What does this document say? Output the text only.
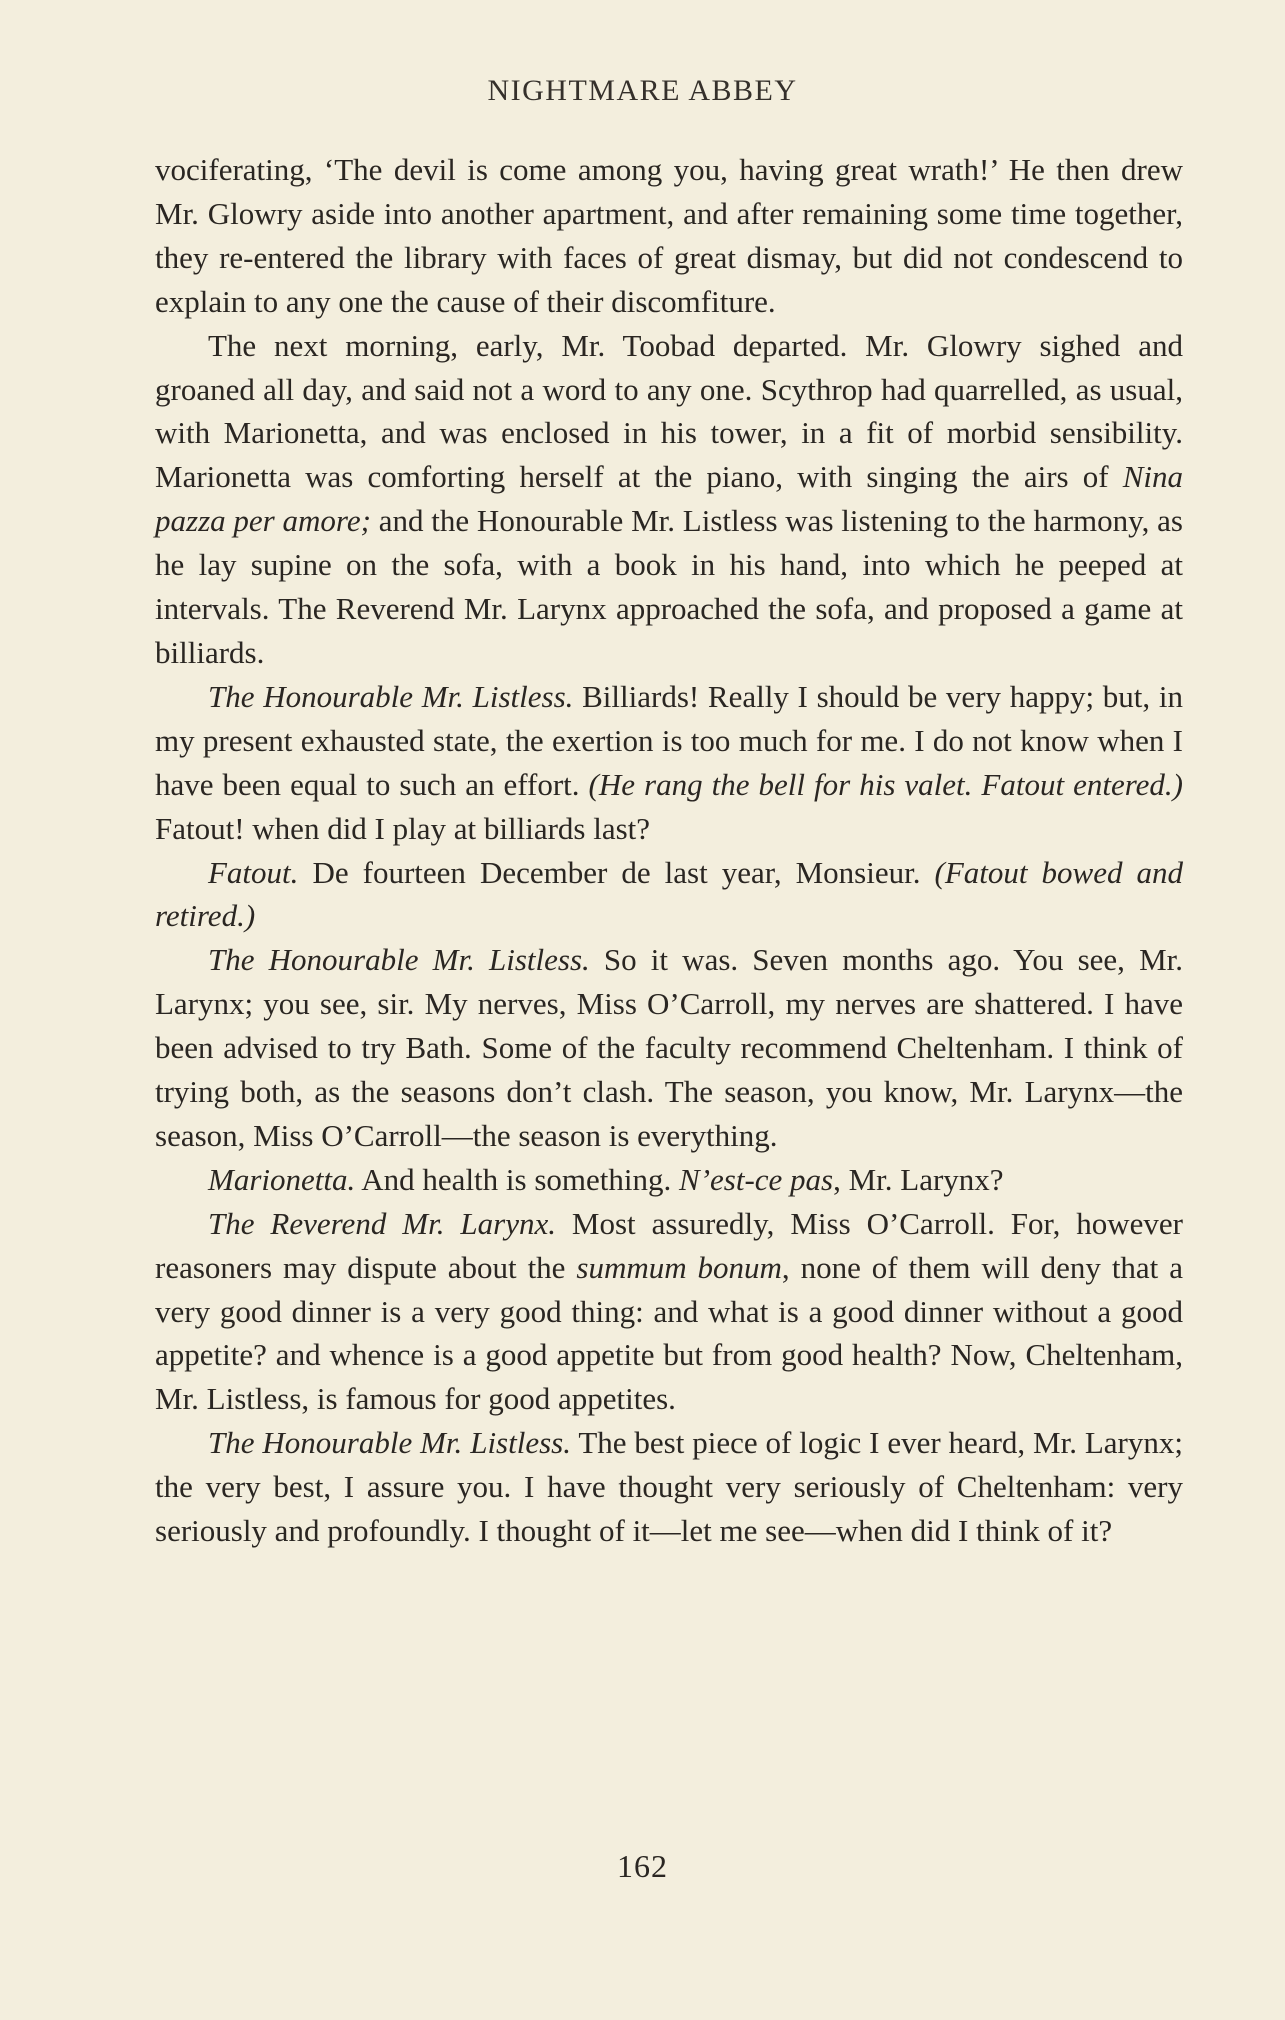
NIGHTMARE ABBEY

vociferating, ‘The devil is come among you, having great wrath!’ He then drew Mr. Glowry aside into another apartment, and after remaining some time together, they re-entered the library with faces of great dismay, but did not condescend to explain to any one the cause of their discomfiture.

The next morning, early, Mr. Toobad departed. Mr. Glowry sighed and groaned all day, and said not a word to any one. Scythrop had quarrelled, as usual, with Marionetta, and was enclosed in his tower, in a fit of morbid sensibility. Marionetta was comforting herself at the piano, with singing the airs of Nina pazza per amore; and the Honourable Mr. Listless was listening to the harmony, as he lay supine on the sofa, with a book in his hand, into which he peeped at intervals. The Reverend Mr. Larynx approached the sofa, and proposed a game at billiards.

The Honourable Mr. Listless. Billiards! Really I should be very happy; but, in my present exhausted state, the exertion is too much for me. I do not know when I have been equal to such an effort. (He rang the bell for his valet. Fatout entered.) Fatout! when did I play at billiards last?

Fatout. De fourteen December de last year, Monsieur. (Fatout bowed and retired.)

The Honourable Mr. Listless. So it was. Seven months ago. You see, Mr. Larynx; you see, sir. My nerves, Miss O’Carroll, my nerves are shattered. I have been advised to try Bath. Some of the faculty recommend Cheltenham. I think of trying both, as the seasons don’t clash. The season, you know, Mr. Larynx—the season, Miss O’Carroll—the season is everything.

Marionetta. And health is something. N’est-ce pas, Mr. Larynx?

The Reverend Mr. Larynx. Most assuredly, Miss O’Carroll. For, however reasoners may dispute about the summum bonum, none of them will deny that a very good dinner is a very good thing: and what is a good dinner without a good appetite? and whence is a good appetite but from good health? Now, Cheltenham, Mr. Listless, is famous for good appetites.

The Honourable Mr. Listless. The best piece of logic I ever heard, Mr. Larynx; the very best, I assure you. I have thought very seriously of Cheltenham: very seriously and profoundly. I thought of it—let me see—when did I think of it?

162
